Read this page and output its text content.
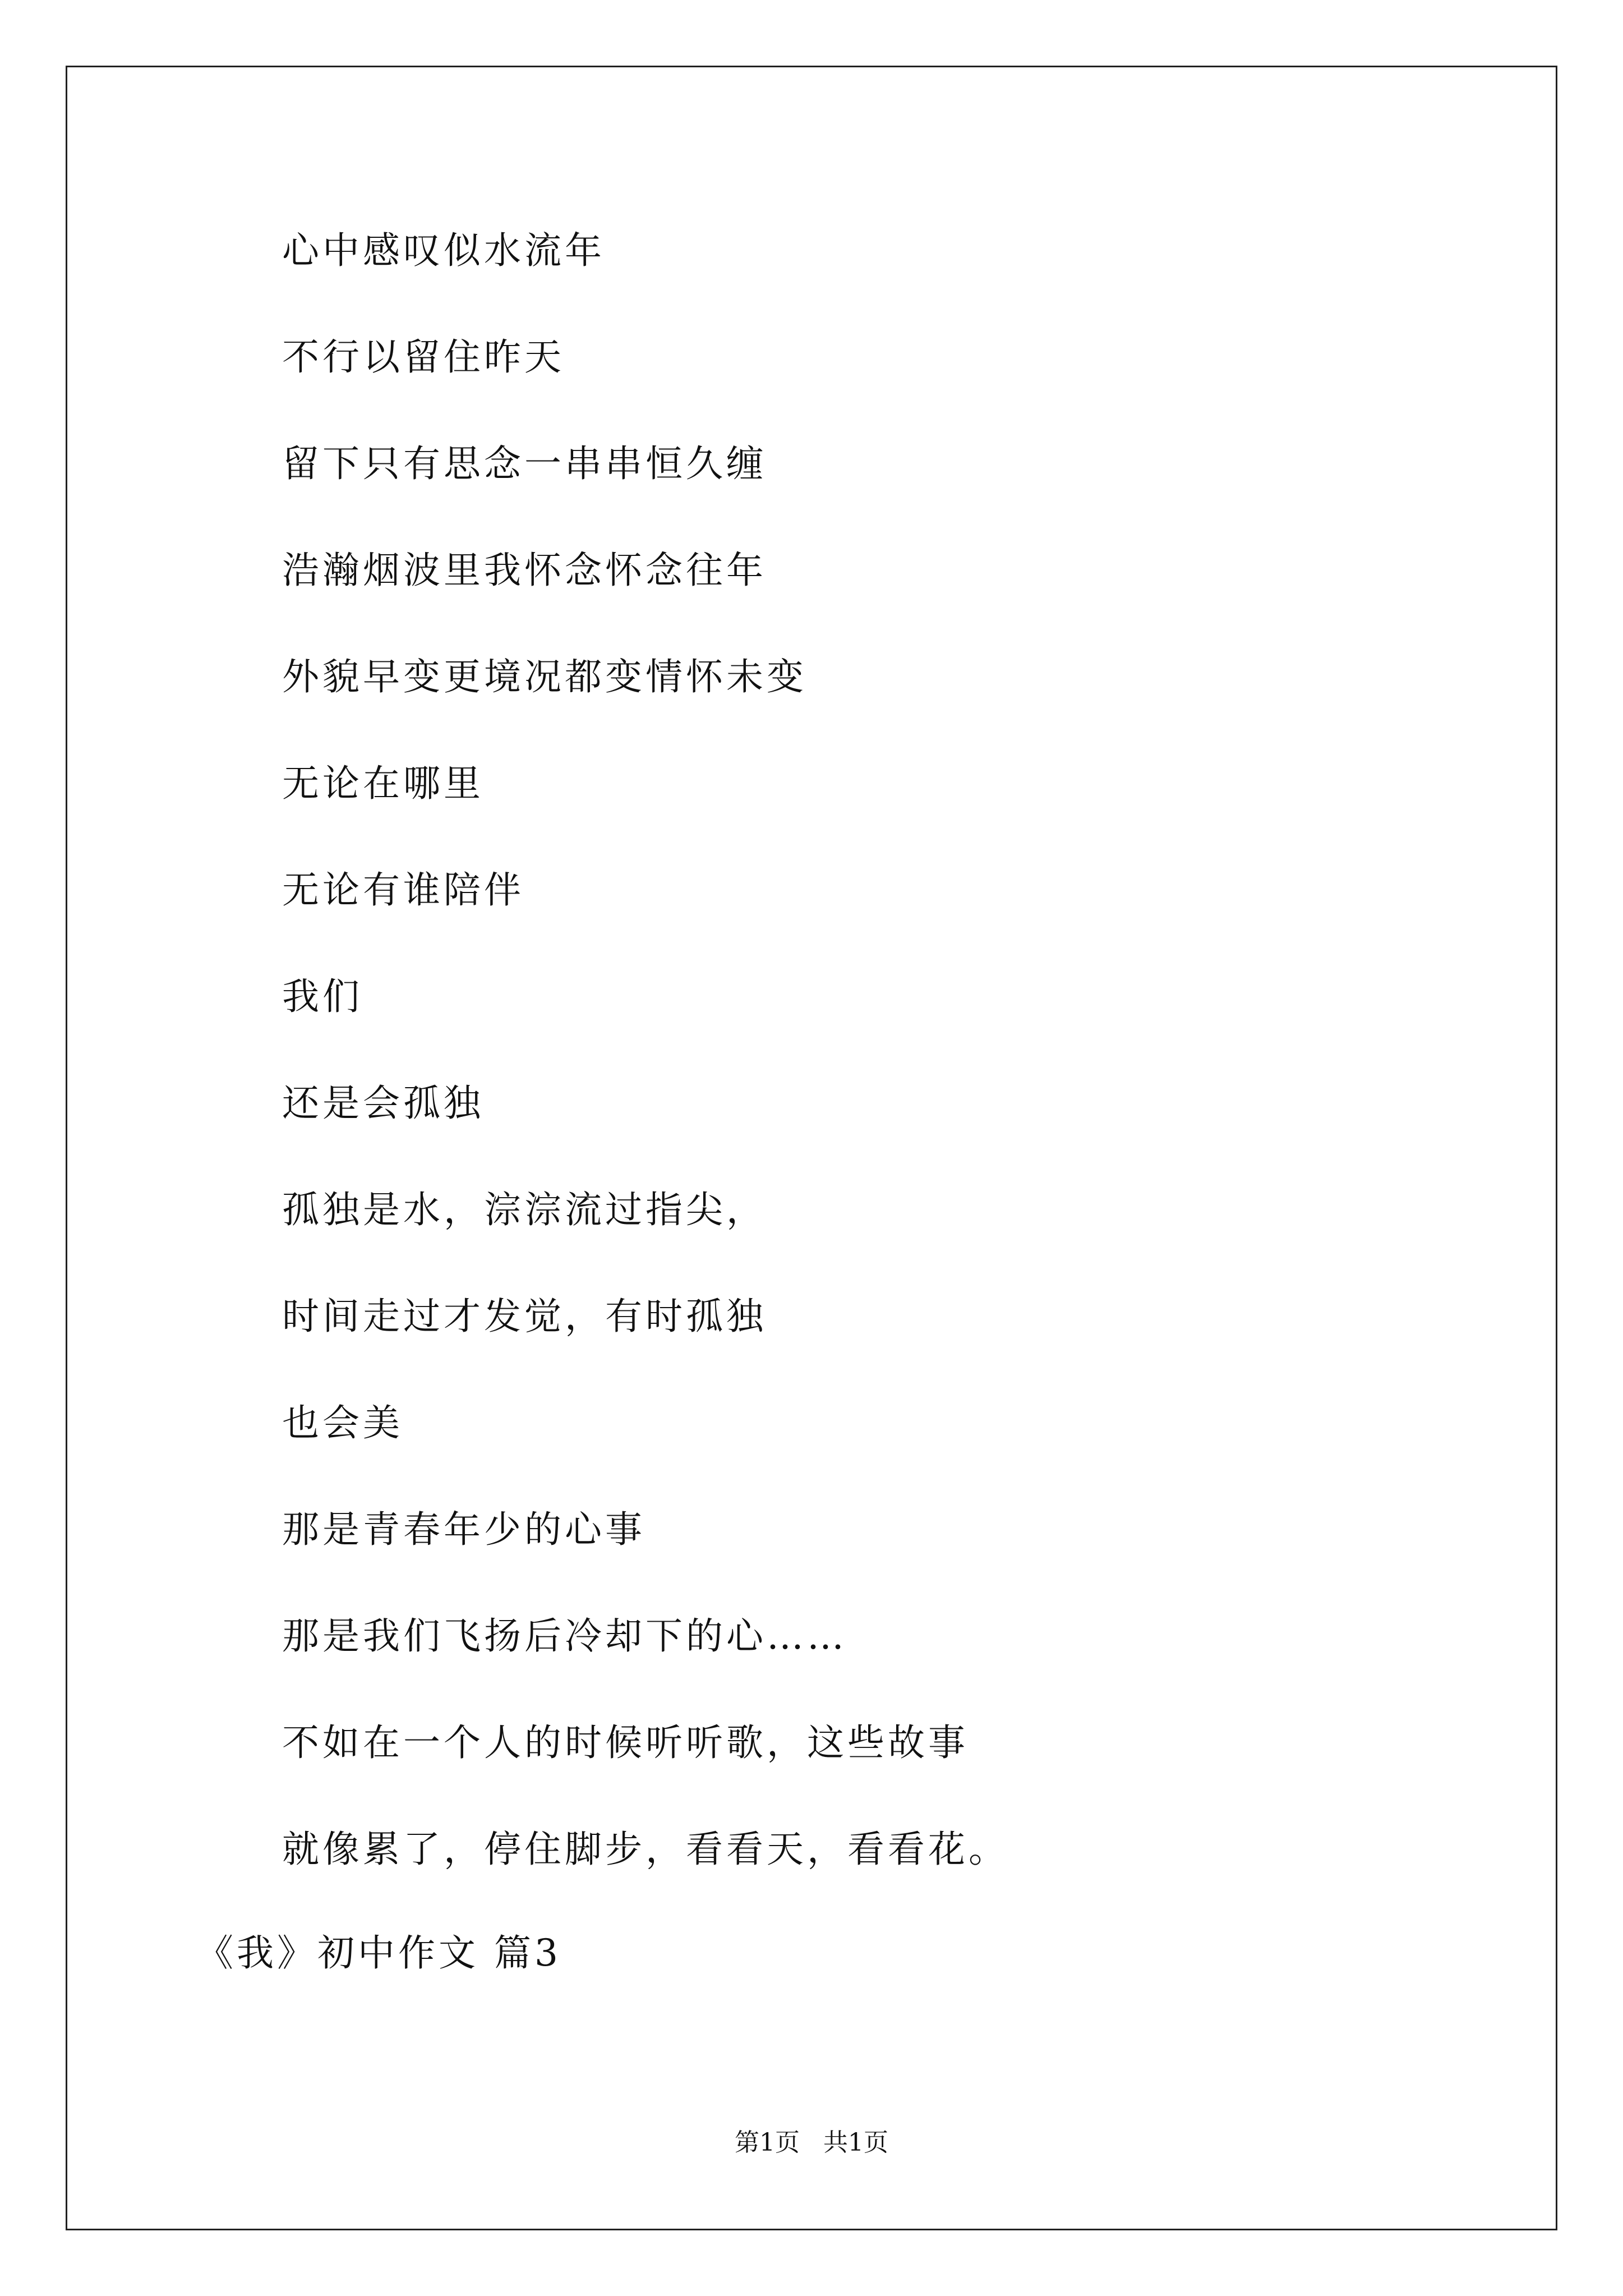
心中感叹似水流年
不行以留住昨天
留下只有思念一串串恒久缠
浩瀚烟波里我怀念怀念往年
外貌早变更境况都变情怀未变
无论在哪里
无论有谁陪伴
我们
还是会孤独
孤独是水，淙淙流过指尖，
时间走过才发觉，有时孤独
也会美
那是青春年少的心事
那是我们飞扬后冷却下的心……
不如在一个人的时候听听歌，这些故事
就像累了，停住脚步，看看天，看看花。
《我》初中作文 篇3
第1页   共1页
